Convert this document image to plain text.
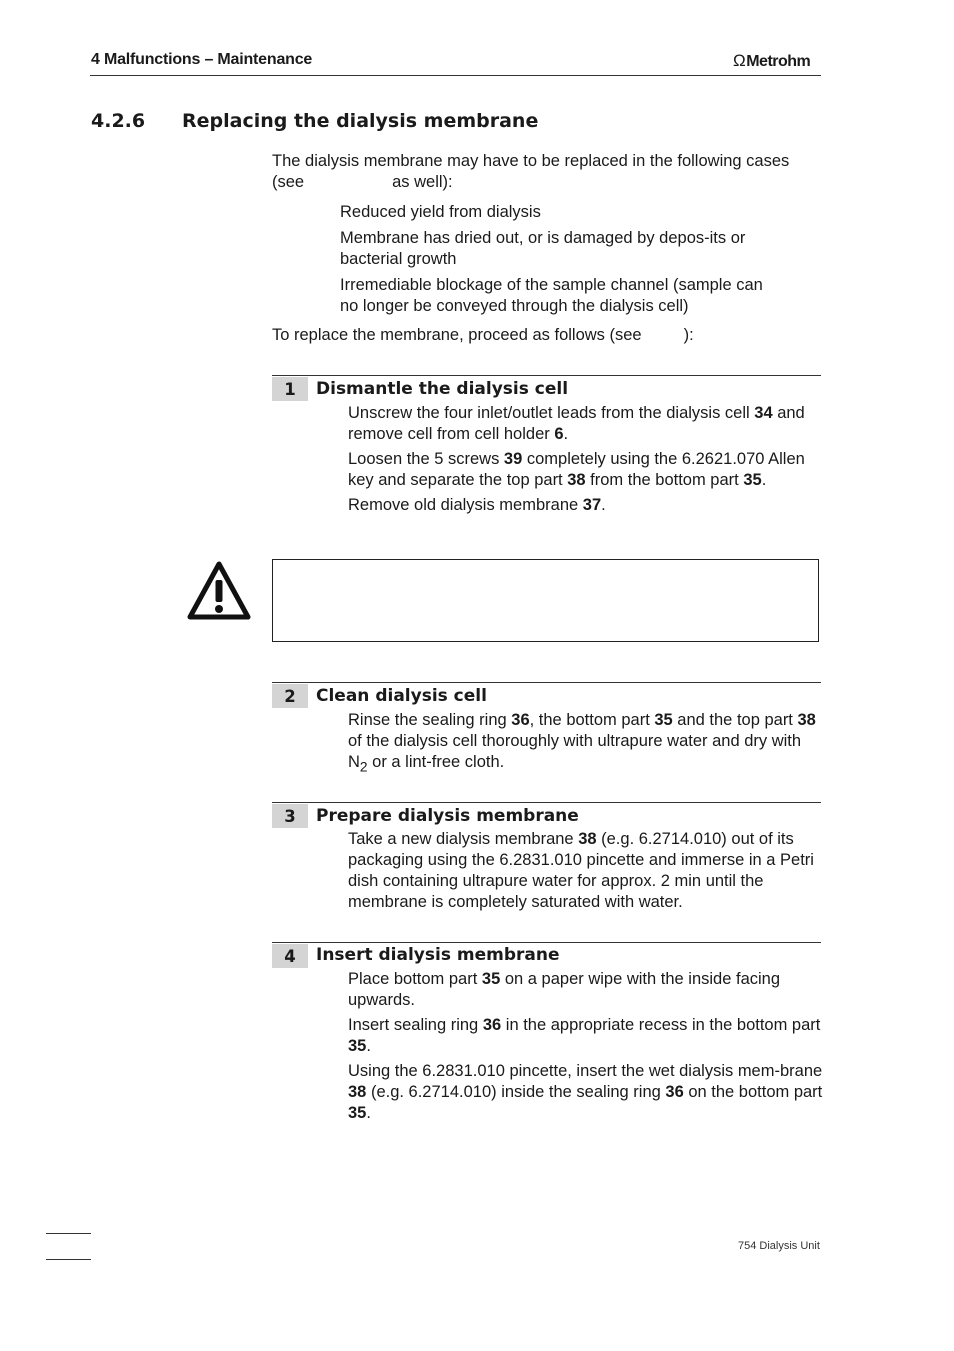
4 Malfunctions – Maintenance	ΩMetrohm
4.2.6 Replacing the dialysis membrane
The dialysis membrane may have to be replaced in the following cases
(see	as well):
Reduced yield from dialysis
Membrane has dried out, or is damaged by depos-its or bacterial growth
Irremediable blockage of the sample channel (sample can no longer be conveyed through the dialysis cell)
To replace the membrane, proceed as follows (see	):
1	Dismantle the dialysis cell
Unscrew the four inlet/outlet leads from the dialysis cell 34 and remove cell from cell holder 6.
Loosen the 5 screws 39 completely using the 6.2621.070 Allen key and separate the top part 38 from the bottom part 35.
Remove old dialysis membrane 37.
2	Clean dialysis cell
Rinse the sealing ring 36, the bottom part 35 and the top part 38 of the dialysis cell thoroughly with ultrapure water and dry with $N_2$ or a lint-free cloth.
3	Prepare dialysis membrane
Take a new dialysis membrane 38 (e.g. 6.2714.010) out of its packaging using the 6.2831.010 pincette and immerse in a Petri dish containing ultrapure water for approx. 2 min until the membrane is completely saturated with water.
4	Insert dialysis membrane
Place bottom part 35 on a paper wipe with the inside facing upwards.
Insert sealing ring 36 in the appropriate recess in the bottom part 35.
Using the 6.2831.010 pincette, insert the wet dialysis mem-brane 38 (e.g. 6.2714.010) inside the sealing ring 36 on the bottom part 35.
754 Dialysis Unit
